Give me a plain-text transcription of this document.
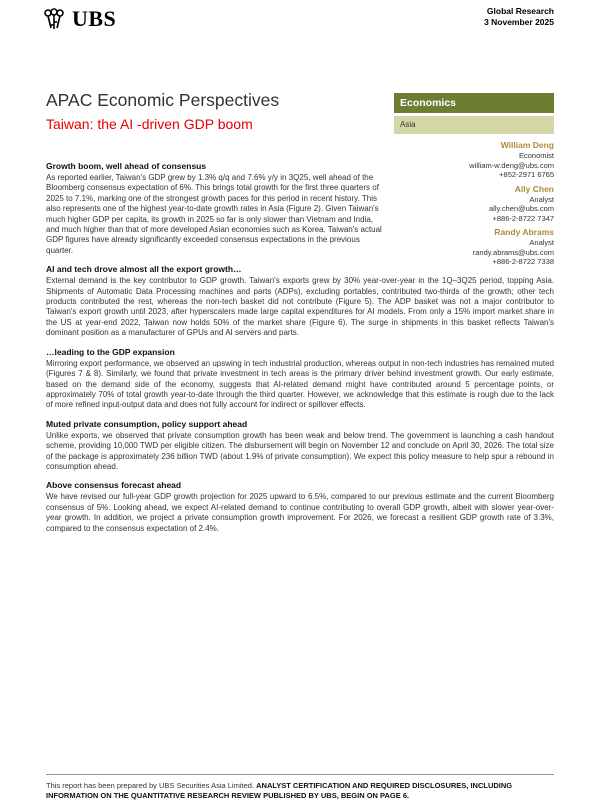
UBS	Global Research
3 November 2025
APAC Economic Perspectives
Taiwan: the AI -driven GDP boom
Economics
Asia
William Deng
Economist
william-w.deng@ubs.com
+852-2971 6765
Ally Chen
Analyst
ally.chen@ubs.com
+886-2-8722 7347
Randy Abrams
Analyst
randy.abrams@ubs.com
+886-2-8722 7338
Growth boom, well ahead of consensus

As reported earlier, Taiwan's GDP grew by 1.3% q/q and 7.6% y/y in 3Q25, well ahead of the Bloomberg consensus expectation of 6%. This brings total growth for the first three quarters of 2025 to 7.1%, marking one of the strongest growth paces for this period in recent history. This also represents one of the highest year-to-date growth rates in Asia (Figure 2). Given Taiwan's much higher GDP per capita, its growth in 2025 so far is only slower than Vietnam and India, and much higher than that of more developed Asian economies such as Korea. Taiwan's actual GDP figures have already significantly exceeded consensus expectations in the previous quarter.

AI and tech drove almost all the export growth…

External demand is the key contributor to GDP growth. Taiwan's exports grew by 30% year-over-year in the 1Q–3Q25 period, topping Asia. Shipments of Automatic Data Processing machines and parts (ADPs), excluding portables, contributed two-thirds of the growth; other tech products contributed the rest, whereas the non-tech basket did not contribute (Figure 5). The ADP basket was not a major contributor to Taiwan's export growth until 2023, after hyperscalers made large capital expenditures for AI models. From only a 15% import market share in the US at year-end 2022, Taiwan now holds 50% of the market share (Figure 6). The surge in shipments in this basket reflects Taiwan's dominant position as a manufacturer of GPUs and AI servers and parts.

…leading to the GDP expansion

Mirroring export performance, we observed an upswing in tech industrial production, whereas output in non-tech industries has remained muted (Figures 7 & 8). Similarly, we found that private investment in tech areas is the primary driver behind investment growth. Our early estimate, based on the demand side of the economy, suggests that AI-related demand might have contributed around 5 percentage points, or approximately 70% of total growth year-to-date through the third quarter. However, we acknowledge that this estimate is rough due to the lack of more refined input-output data and does not fully account for indirect or spillover effects.

Muted private consumption, policy support ahead

Unlike exports, we observed that private consumption growth has been weak and below trend. The government is launching a cash handout scheme, providing 10,000 TWD per eligible citizen. The disbursement will begin on November 12 and conclude on April 30, 2026. The total size of the package is approximately 236 billion TWD (about 1.9% of private consumption). We expect this policy measure to help spur a rebound in consumption ahead.

Above consensus forecast ahead

We have revised our full-year GDP growth projection for 2025 upward to 6.5%, compared to our previous estimate and the current Bloomberg consensus of 5%. Looking ahead, we expect AI-related demand to continue contributing to overall GDP growth, albeit with slower year-over-year growth. In addition, we project a private consumption growth improvement. For 2026, we forecast a resilient GDP growth rate of 3.3%, compared to the consensus expectation of 2.4%.

This report has been prepared by UBS Securities Asia Limited. ANALYST CERTIFICATION AND REQUIRED DISCLOSURES, INCLUDING INFORMATION ON THE QUANTITATIVE RESEARCH REVIEW PUBLISHED BY UBS, BEGIN ON PAGE 6.
